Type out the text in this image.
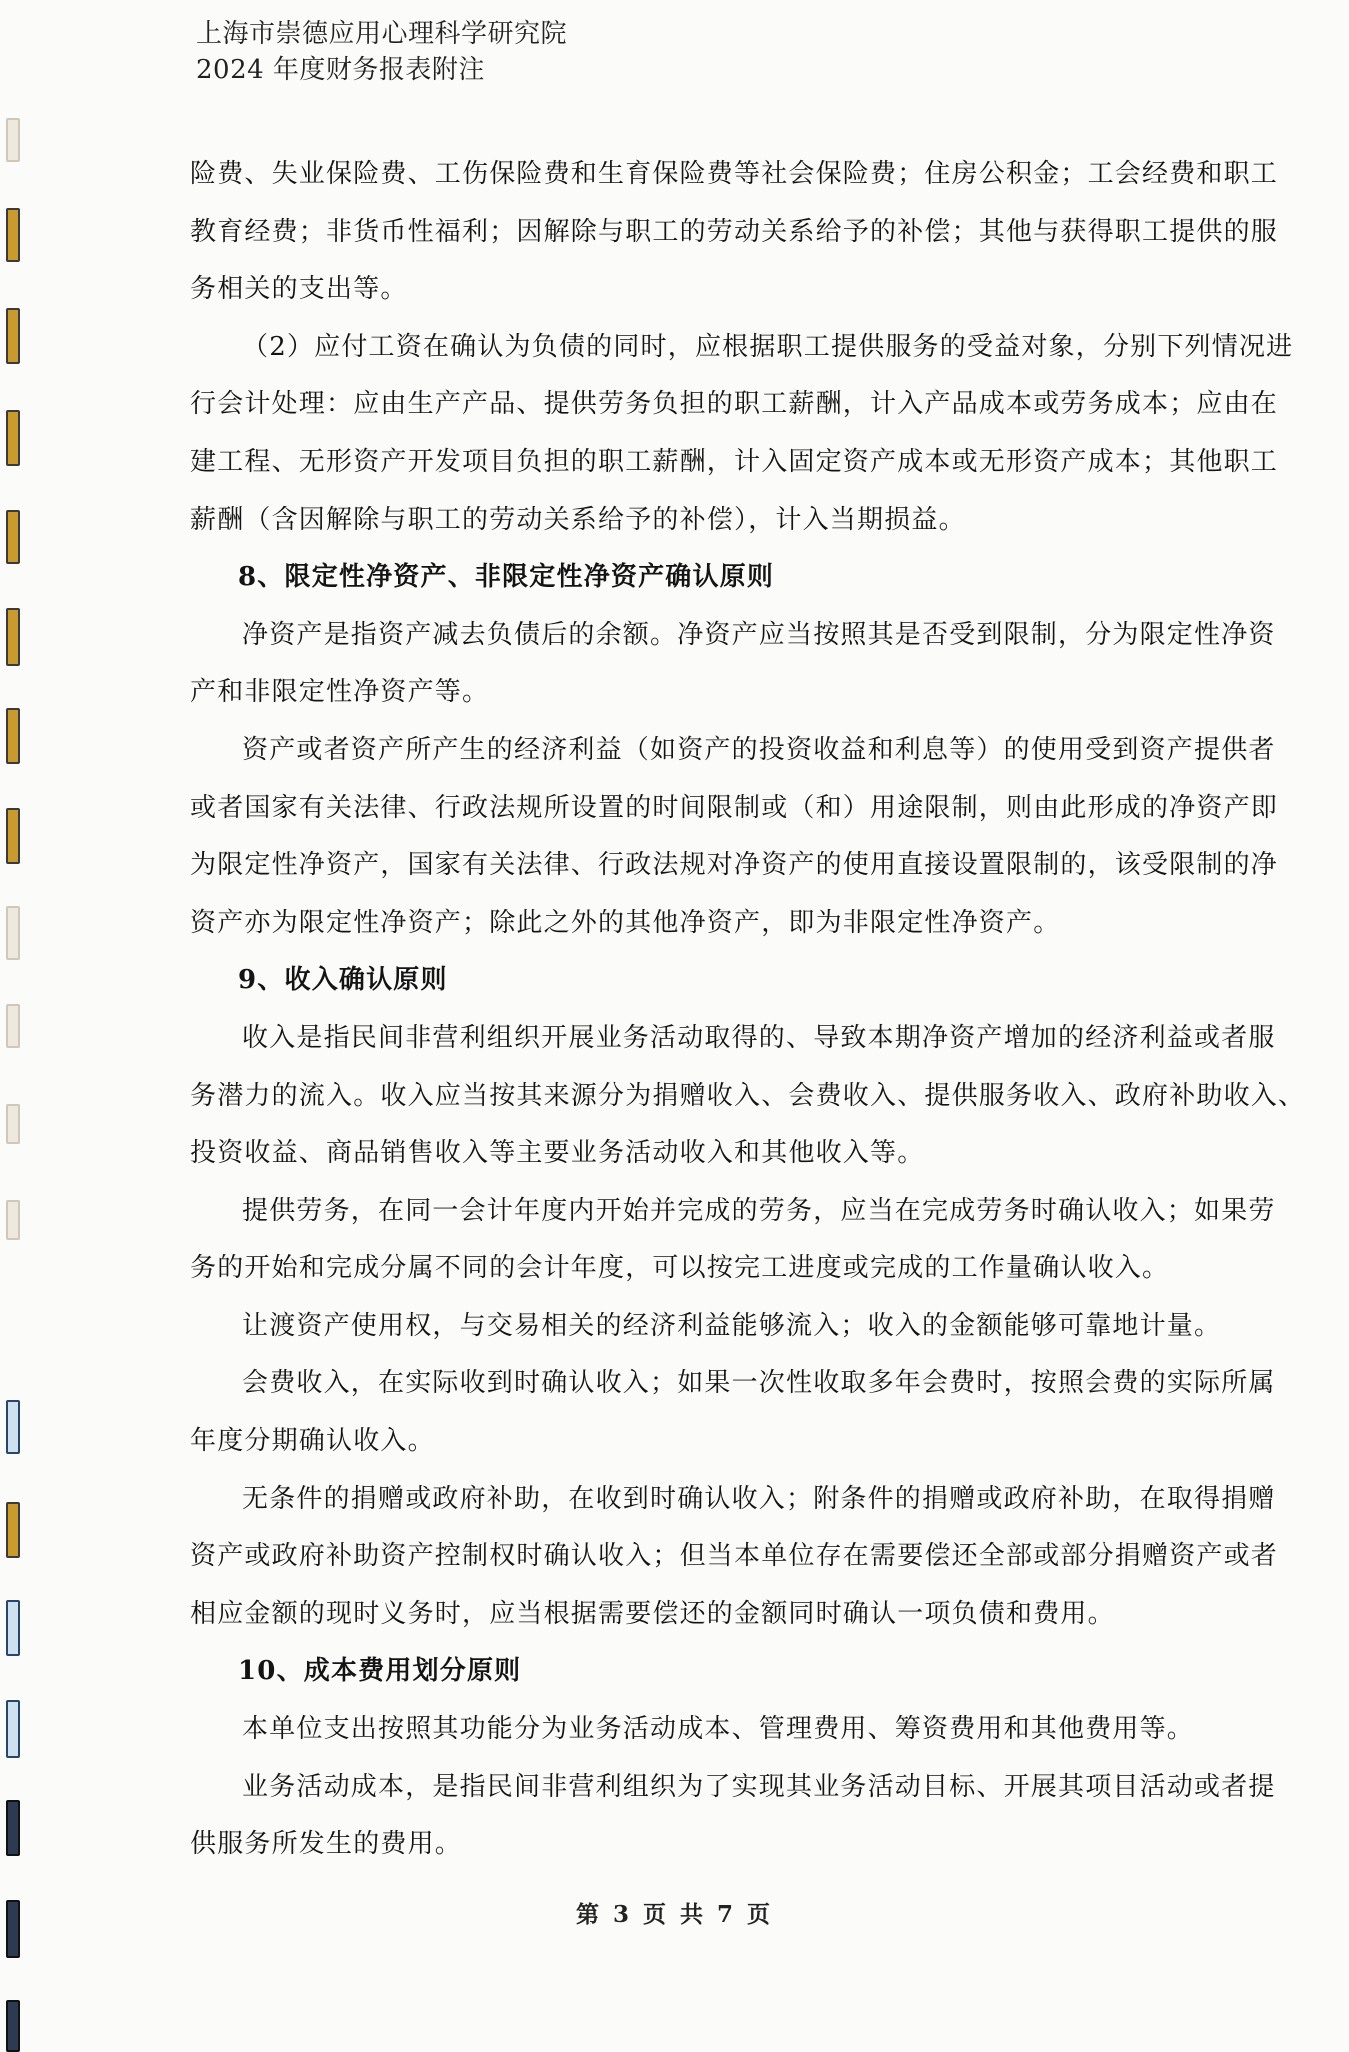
上海市崇德应用心理科学研究院
2024 年度财务报表附注
险费、失业保险费、工伤保险费和生育保险费等社会保险费；住房公积金；工会经费和职工
教育经费；非货币性福利；因解除与职工的劳动关系给予的补偿；其他与获得职工提供的服
务相关的支出等。
（2）应付工资在确认为负债的同时，应根据职工提供服务的受益对象，分别下列情况进
行会计处理：应由生产产品、提供劳务负担的职工薪酬，计入产品成本或劳务成本；应由在
建工程、无形资产开发项目负担的职工薪酬，计入固定资产成本或无形资产成本；其他职工
薪酬（含因解除与职工的劳动关系给予的补偿），计入当期损益。
8、限定性净资产、非限定性净资产确认原则
净资产是指资产减去负债后的余额。净资产应当按照其是否受到限制，分为限定性净资
产和非限定性净资产等。
资产或者资产所产生的经济利益（如资产的投资收益和利息等）的使用受到资产提供者
或者国家有关法律、行政法规所设置的时间限制或（和）用途限制，则由此形成的净资产即
为限定性净资产，国家有关法律、行政法规对净资产的使用直接设置限制的，该受限制的净
资产亦为限定性净资产；除此之外的其他净资产，即为非限定性净资产。
9、收入确认原则
收入是指民间非营利组织开展业务活动取得的、导致本期净资产增加的经济利益或者服
务潜力的流入。收入应当按其来源分为捐赠收入、会费收入、提供服务收入、政府补助收入、
投资收益、商品销售收入等主要业务活动收入和其他收入等。
提供劳务，在同一会计年度内开始并完成的劳务，应当在完成劳务时确认收入；如果劳
务的开始和完成分属不同的会计年度，可以按完工进度或完成的工作量确认收入。
让渡资产使用权，与交易相关的经济利益能够流入；收入的金额能够可靠地计量。
会费收入，在实际收到时确认收入；如果一次性收取多年会费时，按照会费的实际所属
年度分期确认收入。
无条件的捐赠或政府补助，在收到时确认收入；附条件的捐赠或政府补助，在取得捐赠
资产或政府补助资产控制权时确认收入；但当本单位存在需要偿还全部或部分捐赠资产或者
相应金额的现时义务时，应当根据需要偿还的金额同时确认一项负债和费用。
10、成本费用划分原则
本单位支出按照其功能分为业务活动成本、管理费用、筹资费用和其他费用等。
业务活动成本，是指民间非营利组织为了实现其业务活动目标、开展其项目活动或者提
供服务所发生的费用。
第 3 页 共 7 页
